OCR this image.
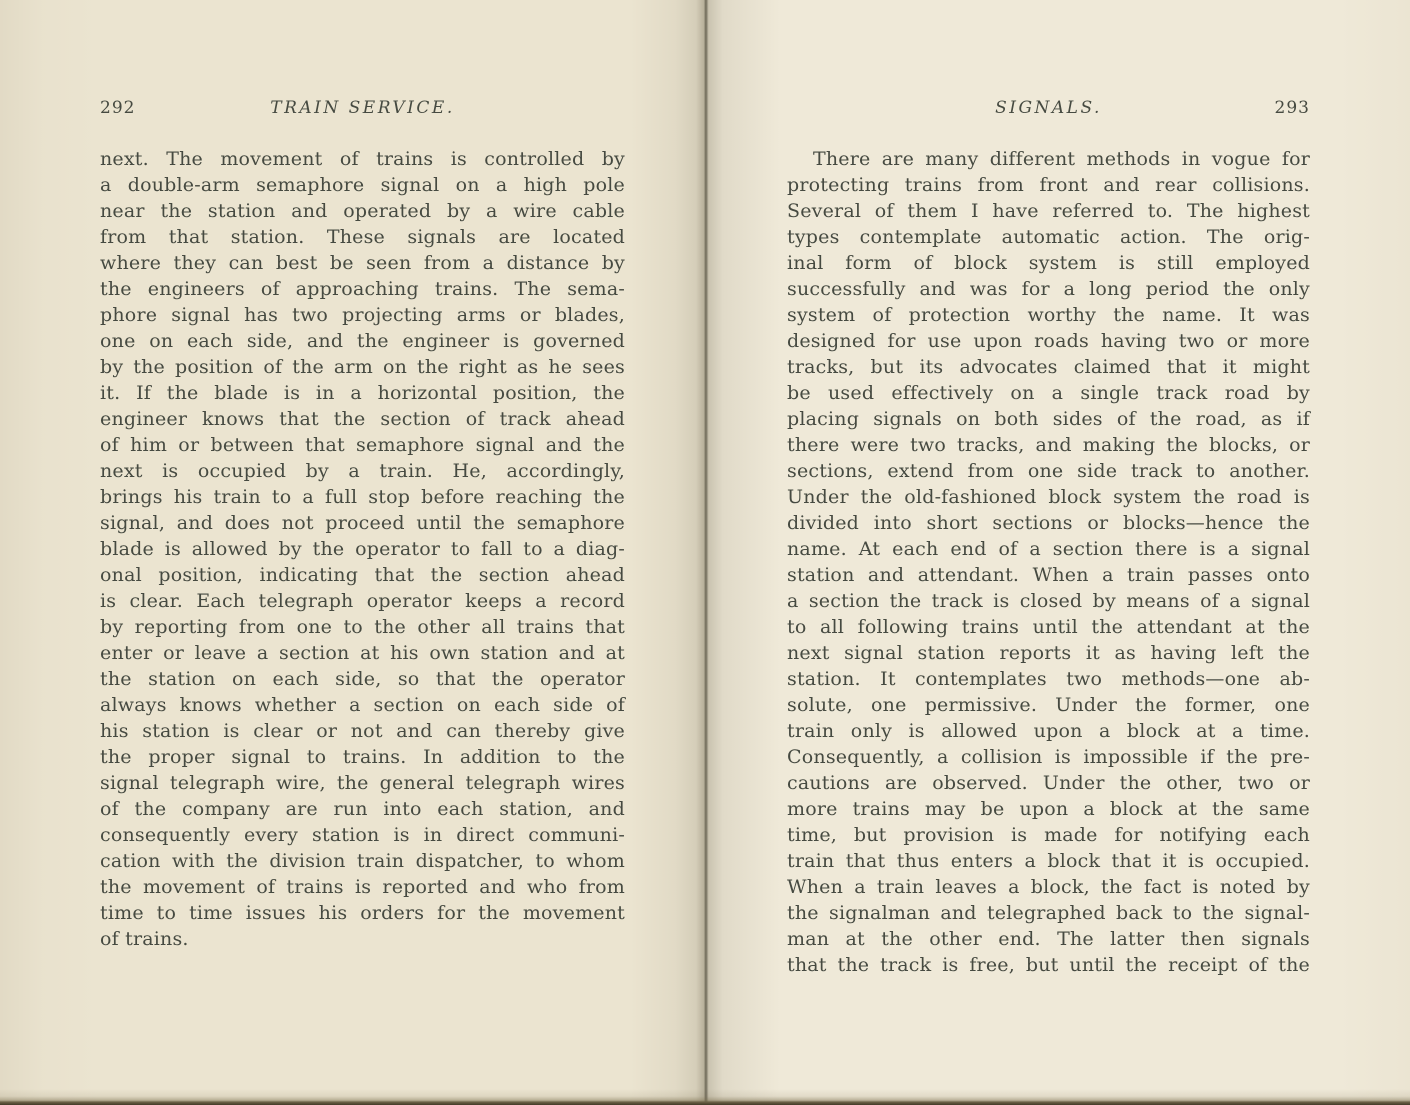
292	TRAIN SERVICE.
next. The movement of trains is controlled by
a double-arm semaphore signal on a high pole
near the station and operated by a wire cable
from that station. These signals are located
where they can best be seen from a distance by
the engineers of approaching trains. The sema-
phore signal has two projecting arms or blades,
one on each side, and the engineer is governed
by the position of the arm on the right as he sees
it. If the blade is in a horizontal position, the
engineer knows that the section of track ahead
of him or between that semaphore signal and the
next is occupied by a train. He, accordingly,
brings his train to a full stop before reaching the
signal, and does not proceed until the semaphore
blade is allowed by the operator to fall to a diag-
onal position, indicating that the section ahead
is clear. Each telegraph operator keeps a record
by reporting from one to the other all trains that
enter or leave a section at his own station and at
the station on each side, so that the operator
always knows whether a section on each side of
his station is clear or not and can thereby give
the proper signal to trains. In addition to the
signal telegraph wire, the general telegraph wires
of the company are run into each station, and
consequently every station is in direct communi-
cation with the division train dispatcher, to whom
the movement of trains is reported and who from
time to time issues his orders for the movement
of trains.
SIGNALS.	293
There are many different methods in vogue for
protecting trains from front and rear collisions.
Several of them I have referred to. The highest
types contemplate automatic action. The orig-
inal form of block system is still employed
successfully and was for a long period the only
system of protection worthy the name. It was
designed for use upon roads having two or more
tracks, but its advocates claimed that it might
be used effectively on a single track road by
placing signals on both sides of the road, as if
there were two tracks, and making the blocks, or
sections, extend from one side track to another.
Under the old-fashioned block system the road is
divided into short sections or blocks—hence the
name. At each end of a section there is a signal
station and attendant. When a train passes onto
a section the track is closed by means of a signal
to all following trains until the attendant at the
next signal station reports it as having left the
station. It contemplates two methods—one ab-
solute, one permissive. Under the former, one
train only is allowed upon a block at a time.
Consequently, a collision is impossible if the pre-
cautions are observed. Under the other, two or
more trains may be upon a block at the same
time, but provision is made for notifying each
train that thus enters a block that it is occupied.
When a train leaves a block, the fact is noted by
the signalman and telegraphed back to the signal-
man at the other end. The latter then signals
that the track is free, but until the receipt of the
